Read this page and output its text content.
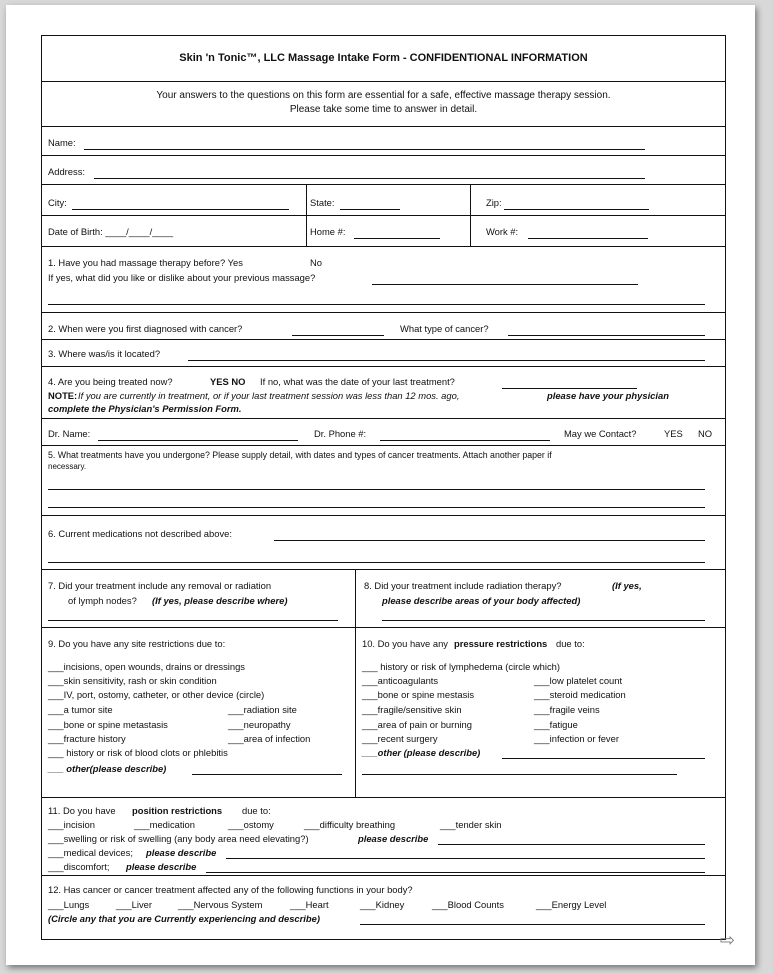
Skin 'n Tonic™, LLC Massage Intake Form - CONFIDENTIONAL INFORMATION
Your answers to the questions on this form are essential for a safe, effective massage therapy session.
Please take some time to answer in detail.
Name:
Address:
City:	State:	Zip:
Date of Birth: ____/____/____	Home #:	Work #:
1. Have you had massage therapy before? Yes	No
If yes, what did you like or dislike about your previous massage?
2. When were you first diagnosed with cancer?	What type of cancer?
3. Where was/is it located?
4. Are you being treated now?	YES NO If no, what was the date of your last treatment?
NOTE: If you are currently in treatment, or if your last treatment session was less than 12 mos. ago,	please have your physician
complete the Physician's Permission Form.
Dr. Name:	Dr. Phone #:	May we Contact?	YES NO
5. What treatments have you undergone? Please supply detail, with dates and types of cancer treatments. Attach another paper if
necessary.
6. Current medications not described above:
7. Did your treatment include any removal or radiation
of lymph nodes? (If yes, please describe where)
8. Did your treatment include radiation therapy?	(If yes,
please describe areas of your body affected)
9. Do you have any site restrictions due to:
___incisions, open wounds, drains or dressings
___skin sensitivity, rash or skin condition
___IV, port, ostomy, catheter, or other device (circle)
___a tumor site	___radiation site
___bone or spine metastasis	___neuropathy
___fracture history	___area of infection
___ history or risk of blood clots or phlebitis
___ other(please describe)
10. Do you have any pressure restrictions due to:
___ history or risk of lymphedema (circle which)
___anticoagulants	___low platelet count
___bone or spine mestasis	___steroid medication
___fragile/sensitive skin	___fragile veins
___area of pain or burning	___fatigue
___recent surgery	___infection or fever
___other (please describe)
11. Do you have position restrictions due to:
___incision	___medication	___ostomy	___difficulty breathing	___tender skin
___swelling or risk of swelling (any body area need elevating?)	please describe
___medical devices; please describe
___discomfort; please describe
12. Has cancer or cancer treatment affected any of the following functions in your body?
___Lungs	___Liver	___Nervous System	___Heart	___Kidney	___Blood Counts	___Energy Level
(Circle any that you are Currently experiencing and describe)
⇨
